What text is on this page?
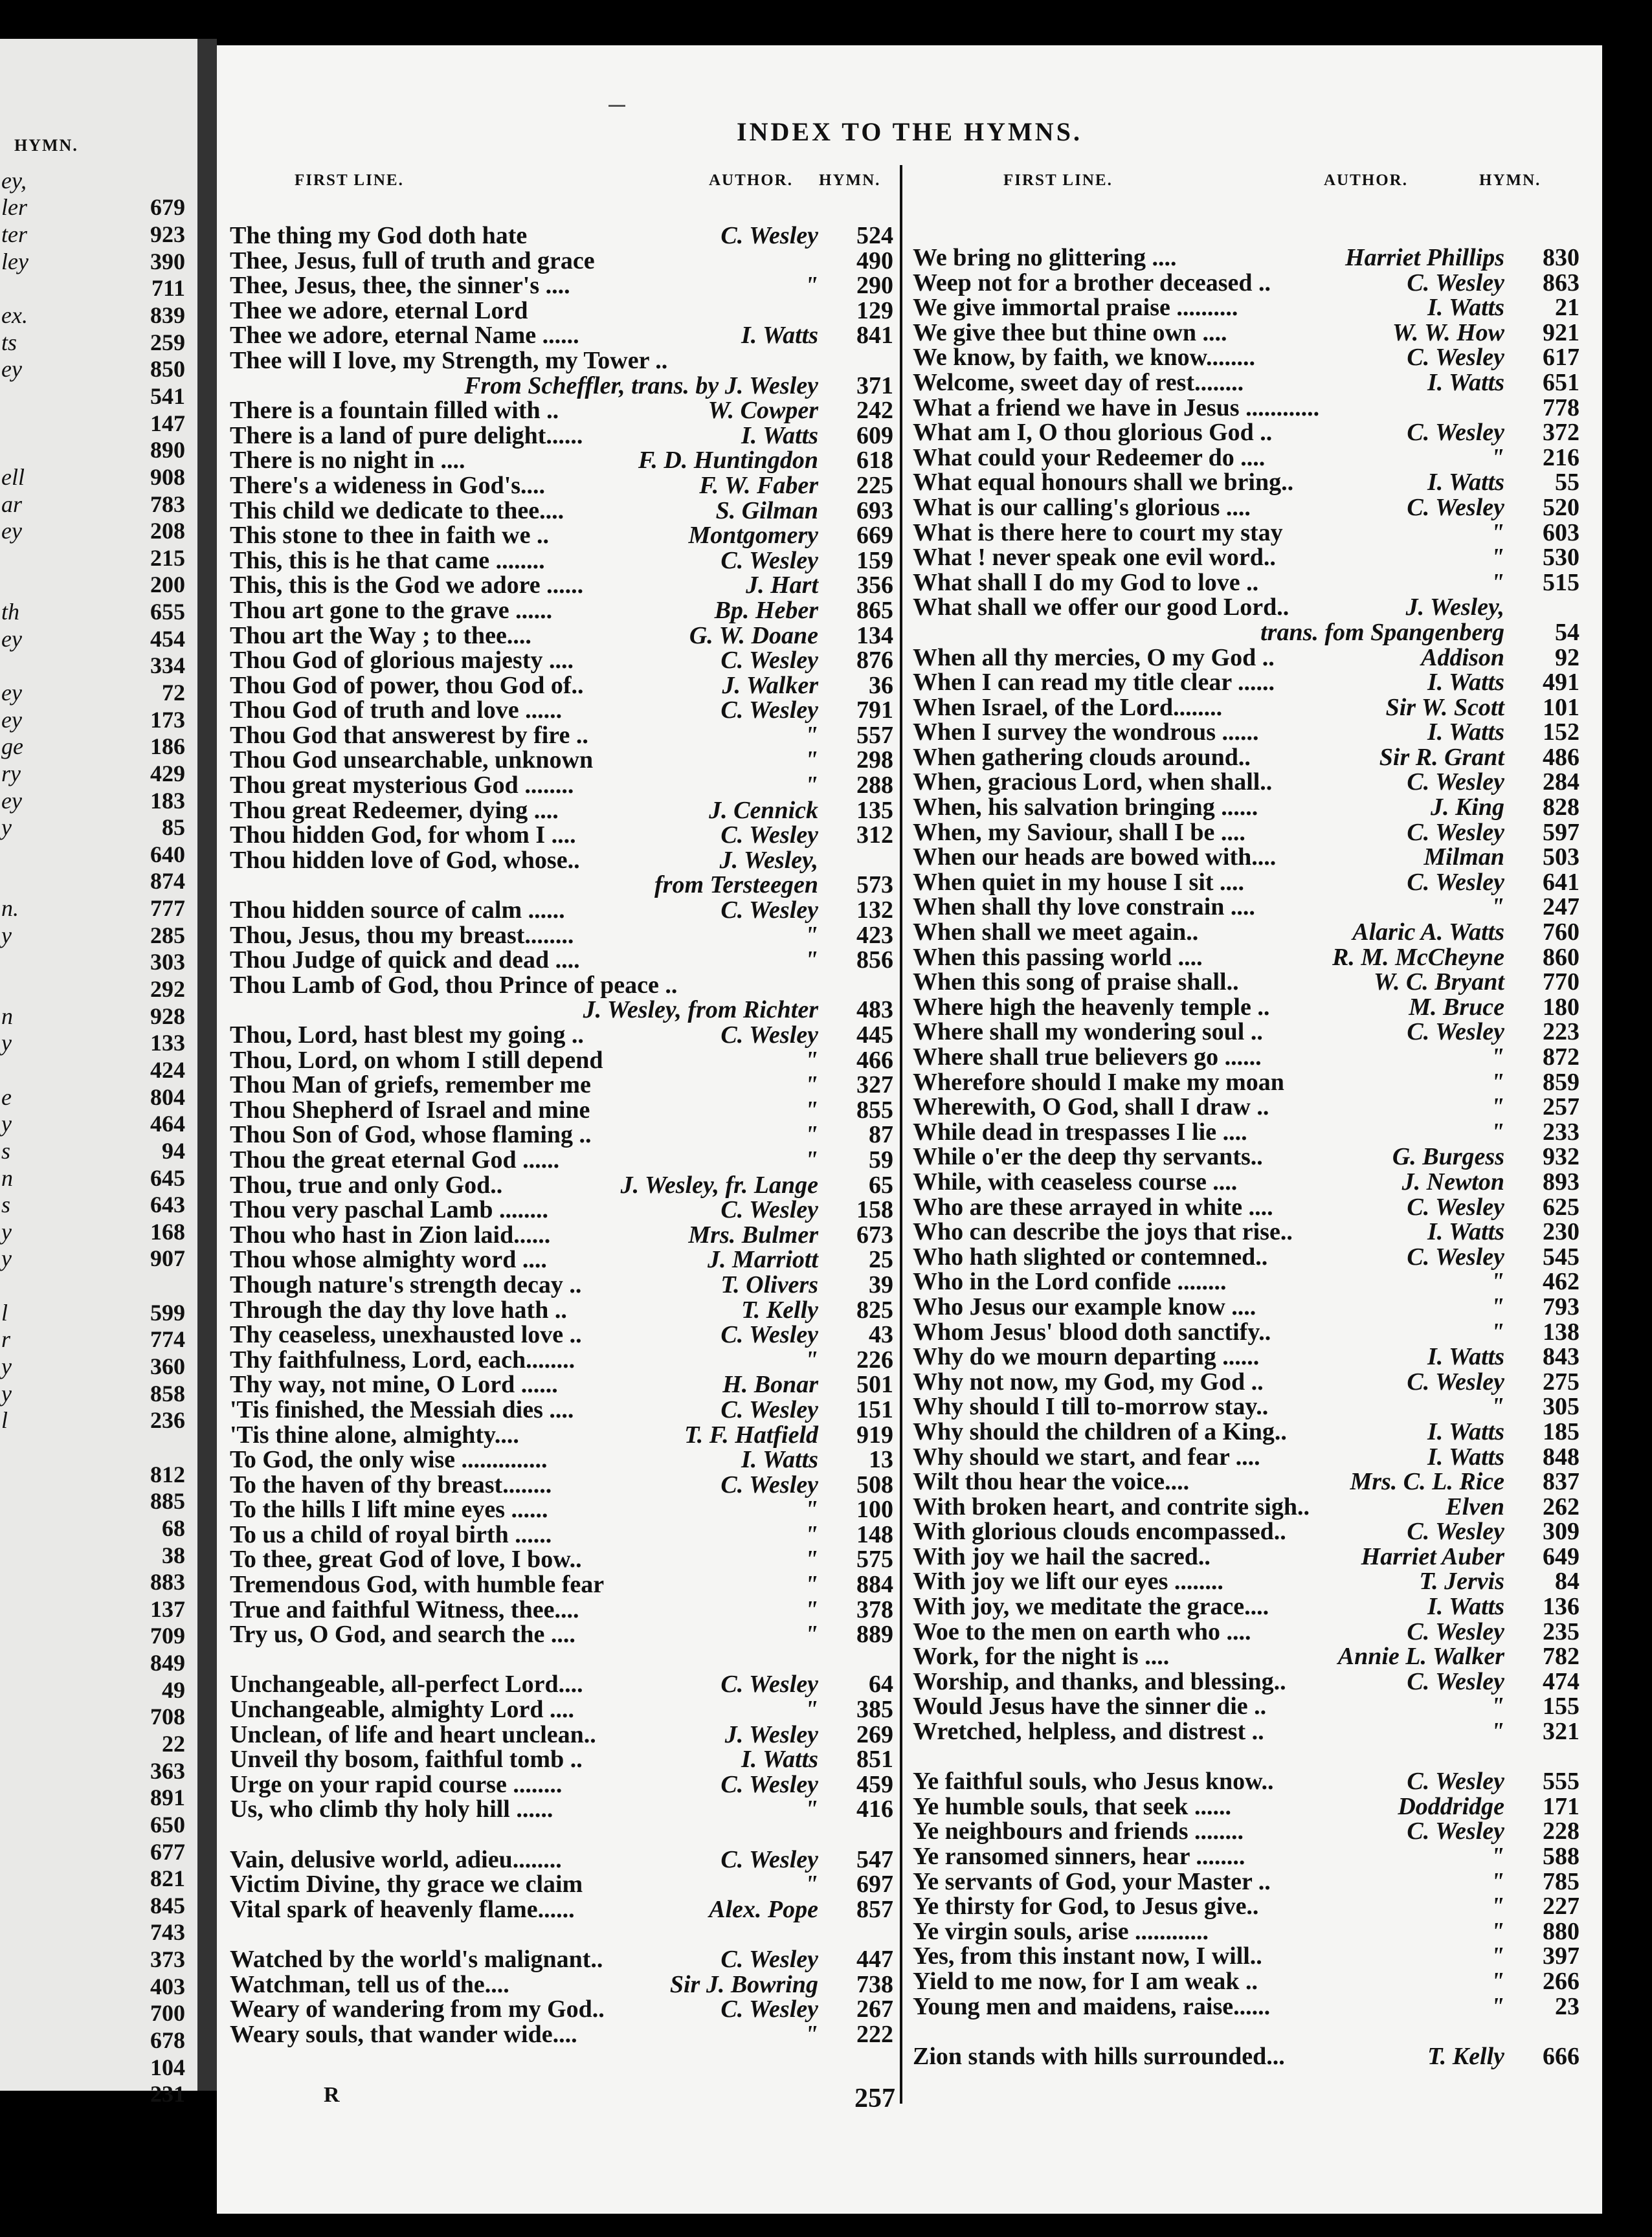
HYMN.
ey,
ler	679
ter	923
ley	390
711
ex.	839
ts	259
ey	850
541
147
890
ell	908
ar	783
ey	208
215
200
th	655
ey	454
334
ey	72
ey	173
ge	186
ry	429
ey	183
y	85
640
874
n.	777
y	285
303
292
n	928
y	133
424
e	804
y	464
s	94
n	645
s	643
y	168
y	907
l	599
r	774
y	360
y	858
l	236
812
885
68
38
883
137
709
849
49
708
22
363
891
650
677
821
845
743
373
403
700
678
104
231
INDEX TO THE HYMNS.
FIRST LINE.	AUTHOR. HYMN.	FIRST LINE.	AUTHOR.	HYMN.
The thing my God doth hate	C. Wesley	524
Thee, Jesus, full of truth and grace	490
Thee, Jesus, thee, the sinner's ....	"	290
Thee we adore, eternal Lord	129
Thee we adore, eternal Name ......	I. Watts	841
Thee will I love, my Strength, my Tower ..
From Scheffler, trans. by J. Wesley	371
There is a fountain filled with ..	W. Cowper	242
There is a land of pure delight......	I. Watts	609
There is no night in ....	F. D. Huntingdon	618
There's a wideness in God's....	F. W. Faber	225
This child we dedicate to thee....	S. Gilman	693
This stone to thee in faith we ..	Montgomery	669
This, this is he that came ........	C. Wesley	159
This, this is the God we adore ......	J. Hart	356
Thou art gone to the grave ......	Bp. Heber	865
Thou art the Way ; to thee....	G. W. Doane	134
Thou God of glorious majesty ....	C. Wesley	876
Thou God of power, thou God of..	J. Walker	36
Thou God of truth and love ......	C. Wesley	791
Thou God that answerest by fire ..	"	557
Thou God unsearchable, unknown	"	298
Thou great mysterious God ........	"	288
Thou great Redeemer, dying ....	J. Cennick	135
Thou hidden God, for whom I ....	C. Wesley	312
Thou hidden love of God, whose..	J. Wesley,
from Tersteegen	573
Thou hidden source of calm ......	C. Wesley	132
Thou, Jesus, thou my breast........	"	423
Thou Judge of quick and dead ....	"	856
Thou Lamb of God, thou Prince of peace ..
J. Wesley, from Richter	483
Thou, Lord, hast blest my going ..	C. Wesley	445
Thou, Lord, on whom I still depend	"	466
Thou Man of griefs, remember me	"	327
Thou Shepherd of Israel and mine	"	855
Thou Son of God, whose flaming ..	"	87
Thou the great eternal God ......	"	59
Thou, true and only God..	J. Wesley, fr. Lange	65
Thou very paschal Lamb ........	C. Wesley	158
Thou who hast in Zion laid......	Mrs. Bulmer	673
Thou whose almighty word ....	J. Marriott	25
Though nature's strength decay ..	T. Olivers	39
Through the day thy love hath ..	T. Kelly	825
Thy ceaseless, unexhausted love ..	C. Wesley	43
Thy faithfulness, Lord, each........	"	226
Thy way, not mine, O Lord ......	H. Bonar	501
'Tis finished, the Messiah dies ....	C. Wesley	151
'Tis thine alone, almighty....	T. F. Hatfield	919
To God, the only wise ..............	I. Watts	13
To the haven of thy breast........	C. Wesley	508
To the hills I lift mine eyes ......	"	100
To us a child of royal birth ......	"	148
To thee, great God of love, I bow..	"	575
Tremendous God, with humble fear	"	884
True and faithful Witness, thee....	"	378
Try us, O God, and search the ....	"	889
Unchangeable, all-perfect Lord....	C. Wesley	64
Unchangeable, almighty Lord ....	"	385
Unclean, of life and heart unclean..	J. Wesley	269
Unveil thy bosom, faithful tomb ..	I. Watts	851
Urge on your rapid course ........	C. Wesley	459
Us, who climb thy holy hill ......	"	416
Vain, delusive world, adieu........	C. Wesley	547
Victim Divine, thy grace we claim	"	697
Vital spark of heavenly flame......	Alex. Pope	857
Watched by the world's malignant..	C. Wesley	447
Watchman, tell us of the....	Sir J. Bowring	738
Weary of wandering from my God..	C. Wesley	267
Weary souls, that wander wide....	"	222
We bring no glittering ....	Harriet Phillips	830
Weep not for a brother deceased ..	C. Wesley	863
We give immortal praise ..........	I. Watts	21
We give thee but thine own ....	W. W. How	921
We know, by faith, we know........	C. Wesley	617
Welcome, sweet day of rest........	I. Watts	651
What a friend we have in Jesus ............	778
What am I, O thou glorious God ..	C. Wesley	372
What could your Redeemer do ....	"	216
What equal honours shall we bring..	I. Watts	55
What is our calling's glorious ....	C. Wesley	520
What is there here to court my stay	"	603
What ! never speak one evil word..	"	530
What shall I do my God to love ..	"	515
What shall we offer our good Lord..	J. Wesley,
trans. fom Spangenberg	54
When all thy mercies, O my God ..	Addison	92
When I can read my title clear ......	I. Watts	491
When Israel, of the Lord........	Sir W. Scott	101
When I survey the wondrous ......	I. Watts	152
When gathering clouds around..	Sir R. Grant	486
When, gracious Lord, when shall..	C. Wesley	284
When, his salvation bringing ......	J. King	828
When, my Saviour, shall I be ....	C. Wesley	597
When our heads are bowed with....	Milman	503
When quiet in my house I sit ....	C. Wesley	641
When shall thy love constrain ....	"	247
When shall we meet again..	Alaric A. Watts	760
When this passing world ....	R. M. McCheyne	860
When this song of praise shall..	W. C. Bryant	770
Where high the heavenly temple ..	M. Bruce	180
Where shall my wondering soul ..	C. Wesley	223
Where shall true believers go ......	"	872
Wherefore should I make my moan	"	859
Wherewith, O God, shall I draw ..	"	257
While dead in trespasses I lie ....	"	233
While o'er the deep thy servants..	G. Burgess	932
While, with ceaseless course ....	J. Newton	893
Who are these arrayed in white ....	C. Wesley	625
Who can describe the joys that rise..	I. Watts	230
Who hath slighted or contemned..	C. Wesley	545
Who in the Lord confide ........	"	462
Who Jesus our example know ....	"	793
Whom Jesus' blood doth sanctify..	"	138
Why do we mourn departing ......	I. Watts	843
Why not now, my God, my God ..	C. Wesley	275
Why should I till to-morrow stay..	"	305
Why should the children of a King..	I. Watts	185
Why should we start, and fear ....	I. Watts	848
Wilt thou hear the voice....	Mrs. C. L. Rice	837
With broken heart, and contrite sigh..	Elven	262
With glorious clouds encompassed..	C. Wesley	309
With joy we hail the sacred..	Harriet Auber	649
With joy we lift our eyes ........	T. Jervis	84
With joy, we meditate the grace....	I. Watts	136
Woe to the men on earth who ....	C. Wesley	235
Work, for the night is ....	Annie L. Walker	782
Worship, and thanks, and blessing..	C. Wesley	474
Would Jesus have the sinner die ..	"	155
Wretched, helpless, and distrest ..	"	321
Ye faithful souls, who Jesus know..	C. Wesley	555
Ye humble souls, that seek ......	Doddridge	171
Ye neighbours and friends ........	C. Wesley	228
Ye ransomed sinners, hear ........	"	588
Ye servants of God, your Master ..	"	785
Ye thirsty for God, to Jesus give..	"	227
Ye virgin souls, arise ............	"	880
Yes, from this instant now, I will..	"	397
Yield to me now, for I am weak ..	"	266
Young men and maidens, raise......	"	23
Zion stands with hills surrounded...	T. Kelly	666
R	257
